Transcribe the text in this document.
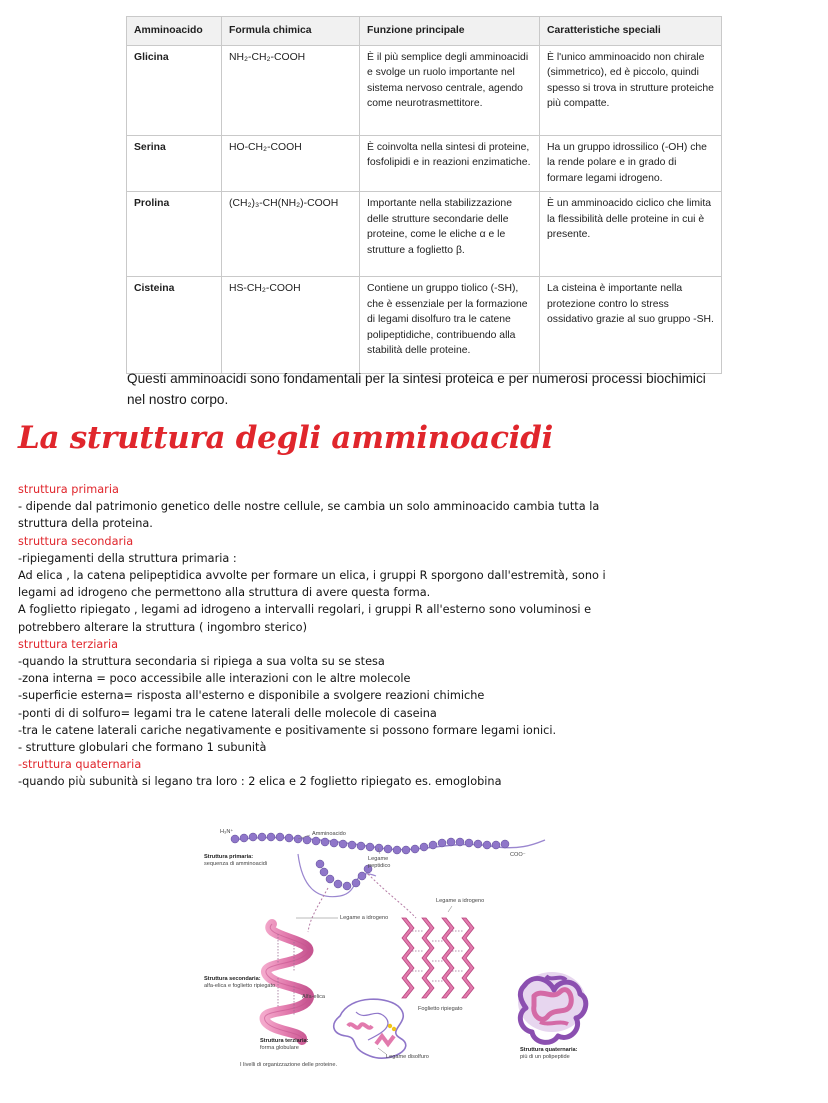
Amminoacido	Formula chimica	Funzione principale	Caratteristiche speciali
Glicina	NH₂-CH₂-COOH	È il più semplice degli amminoacidi e svolge un ruolo importante nel sistema nervoso centrale, agendo come neurotrasmettitore.	È l'unico amminoacido non chirale (simmetrico), ed è piccolo, quindi spesso si trova in strutture proteiche più compatte.
Serina	HO-CH₂-COOH	È coinvolta nella sintesi di proteine, fosfolipidi e in reazioni enzimatiche.	Ha un gruppo idrossilico (-OH) che la rende polare e in grado di formare legami idrogeno.
Prolina	(CH₂)₃-CH(NH₂)-COOH	Importante nella stabilizzazione delle strutture secondarie delle proteine, come le eliche α e le strutture a foglietto β.	È un amminoacido ciclico che limita la flessibilità delle proteine in cui è presente.
Cisteina	HS-CH₂-COOH	Contiene un gruppo tiolico (-SH), che è essenziale per la formazione di legami disolfuro tra le catene polipeptidiche, contribuendo alla stabilità delle proteine.	La cisteina è importante nella protezione contro lo stress ossidativo grazie al suo gruppo -SH.
Questi amminoacidi sono fondamentali per la sintesi proteica e per numerosi processi biochimici nel nostro corpo.
La struttura degli amminoacidi
struttura primaria
- dipende dal patrimonio genetico delle nostre cellule, se cambia un solo amminoacido cambia tutta la
struttura della proteina.
struttura secondaria
-ripiegamenti della struttura primaria :
Ad elica , la catena pelipeptidica avvolte per formare un elica, i gruppi R sporgono dall'estremità, sono i
legami ad idrogeno che permettono alla struttura di avere questa forma.
A foglietto ripiegato , legami ad idrogeno a intervalli regolari, i gruppi R all'esterno sono voluminosi e
potrebbero alterare la struttura ( ingombro sterico)
struttura terziaria
-quando la struttura secondaria si ripiega a sua volta su se stesa
-zona interna = poco accessibile alle interazioni con le altre molecole
-superficie esterna= risposta all'esterno e disponibile a svolgere reazioni chimiche
-ponti di di solfuro= legami tra le catene laterali delle molecole di caseina
-tra le catene laterali cariche negativamente e positivamente si possono formare legami ionici.
- strutture globulari che formano 1 subunità
-struttura quaternaria
-quando più subunità si legano tra loro : 2 elica e 2 foglietto ripiegato es. emoglobina
H₃N⁺
COO⁻
Amminoacido
Legame peptidico
Struttura primaria:
sequenza di amminoacidi
Legame a idrogeno
Legame a idrogeno
Struttura secondaria:
alfa-elica e foglietto ripiegato
Alfa-elica
Foglietto ripiegato
Struttura terziaria:
forma globulare
Legame disolfuro
Struttura quaternaria:
più di un polipeptide
I livelli di organizzazione delle proteine.
